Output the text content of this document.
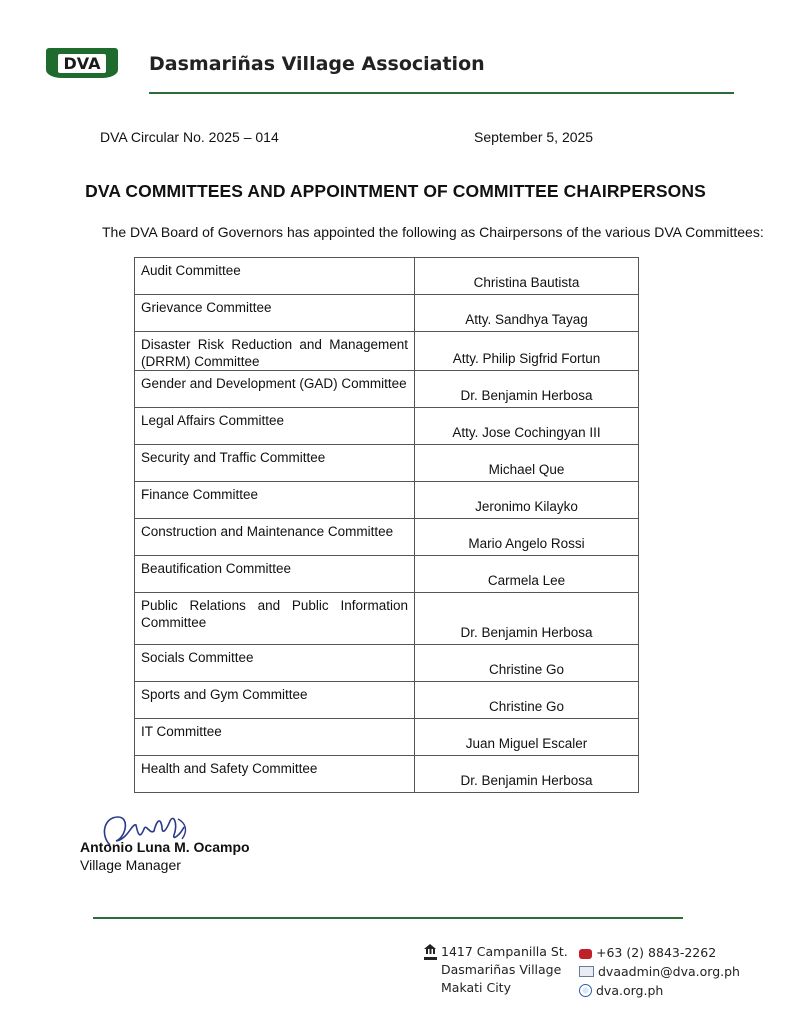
DVA	Dasmariñas Village Association
DVA Circular No. 2025 – 014	September 5, 2025
DVA COMMITTEES AND APPOINTMENT OF COMMITTEE CHAIRPERSONS
The DVA Board of Governors has appointed the following as Chairpersons of the various DVA Committees:
Audit Committee	Christina Bautista
Grievance Committee	Atty. Sandhya Tayag
Disaster Risk Reduction and Management (DRRM) Committee	Atty. Philip Sigfrid Fortun
Gender and Development (GAD) Committee	Dr. Benjamin Herbosa
Legal Affairs Committee	Atty. Jose Cochingyan III
Security and Traffic Committee	Michael Que
Finance Committee	Jeronimo Kilayko
Construction and Maintenance Committee	Mario Angelo Rossi
Beautification Committee	Carmela Lee
Public Relations and Public Information Committee	Dr. Benjamin Herbosa
Socials Committee	Christine Go
Sports and Gym Committee	Christine Go
IT Committee	Juan Miguel Escaler
Health and Safety Committee	Dr. Benjamin Herbosa
Antonio Luna M. Ocampo
Village Manager
1417 Campanilla St.
Dasmariñas Village
Makati City
+63 (2) 8843-2262
dvaadmin@dva.org.ph
dva.org.ph
